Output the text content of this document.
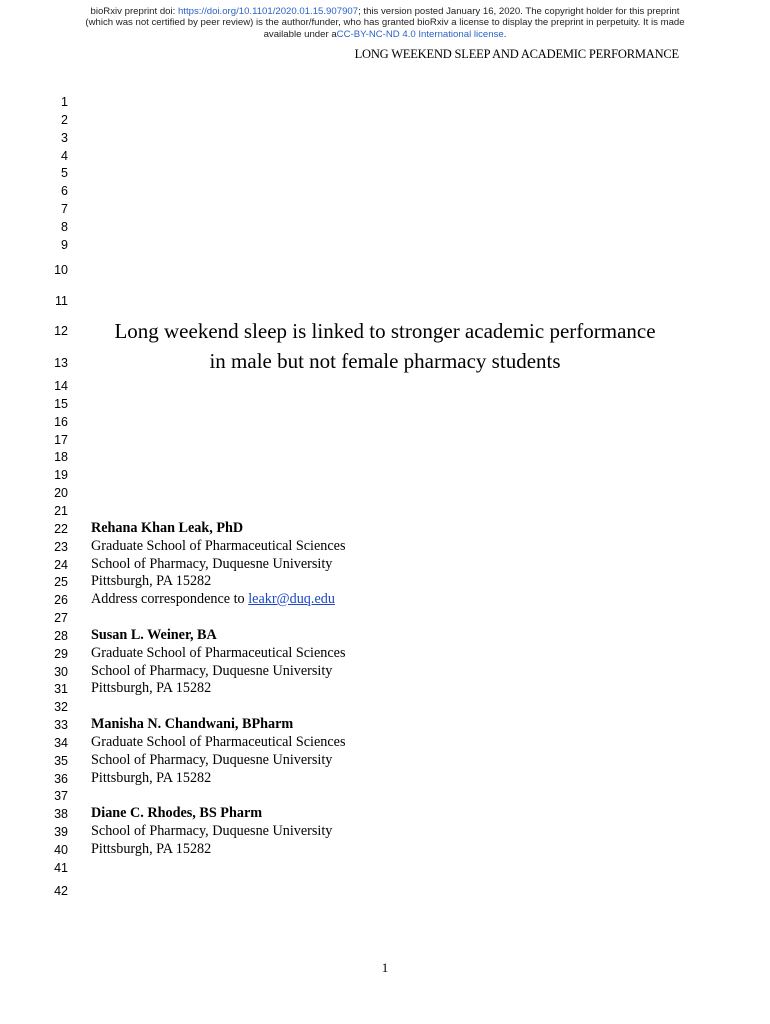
bioRxiv preprint doi: https://doi.org/10.1101/2020.01.15.907907; this version posted January 16, 2020. The copyright holder for this preprint
(which was not certified by peer review) is the author/funder, who has granted bioRxiv a license to display the preprint in perpetuity. It is made
available under aCC-BY-NC-ND 4.0 International license.
LONG WEEKEND SLEEP AND ACADEMIC PERFORMANCE
1
2
3
4
5
6
7
8
9
10
11
12
13
14
15
16
17
18
19
20
21
22
23
24
25
26
27
28
29
30
31
32
33
34
35
36
37
38
39
40
41
42
Long weekend sleep is linked to stronger academic performance
in male but not female pharmacy students
Rehana Khan Leak, PhD
Graduate School of Pharmaceutical Sciences
School of Pharmacy, Duquesne University
Pittsburgh, PA 15282
Address correspondence to leakr@duq.edu
Susan L. Weiner, BA
Graduate School of Pharmaceutical Sciences
School of Pharmacy, Duquesne University
Pittsburgh, PA 15282
Manisha N. Chandwani, BPharm
Graduate School of Pharmaceutical Sciences
School of Pharmacy, Duquesne University
Pittsburgh, PA 15282
Diane C. Rhodes, BS Pharm
School of Pharmacy, Duquesne University
Pittsburgh, PA 15282
1
